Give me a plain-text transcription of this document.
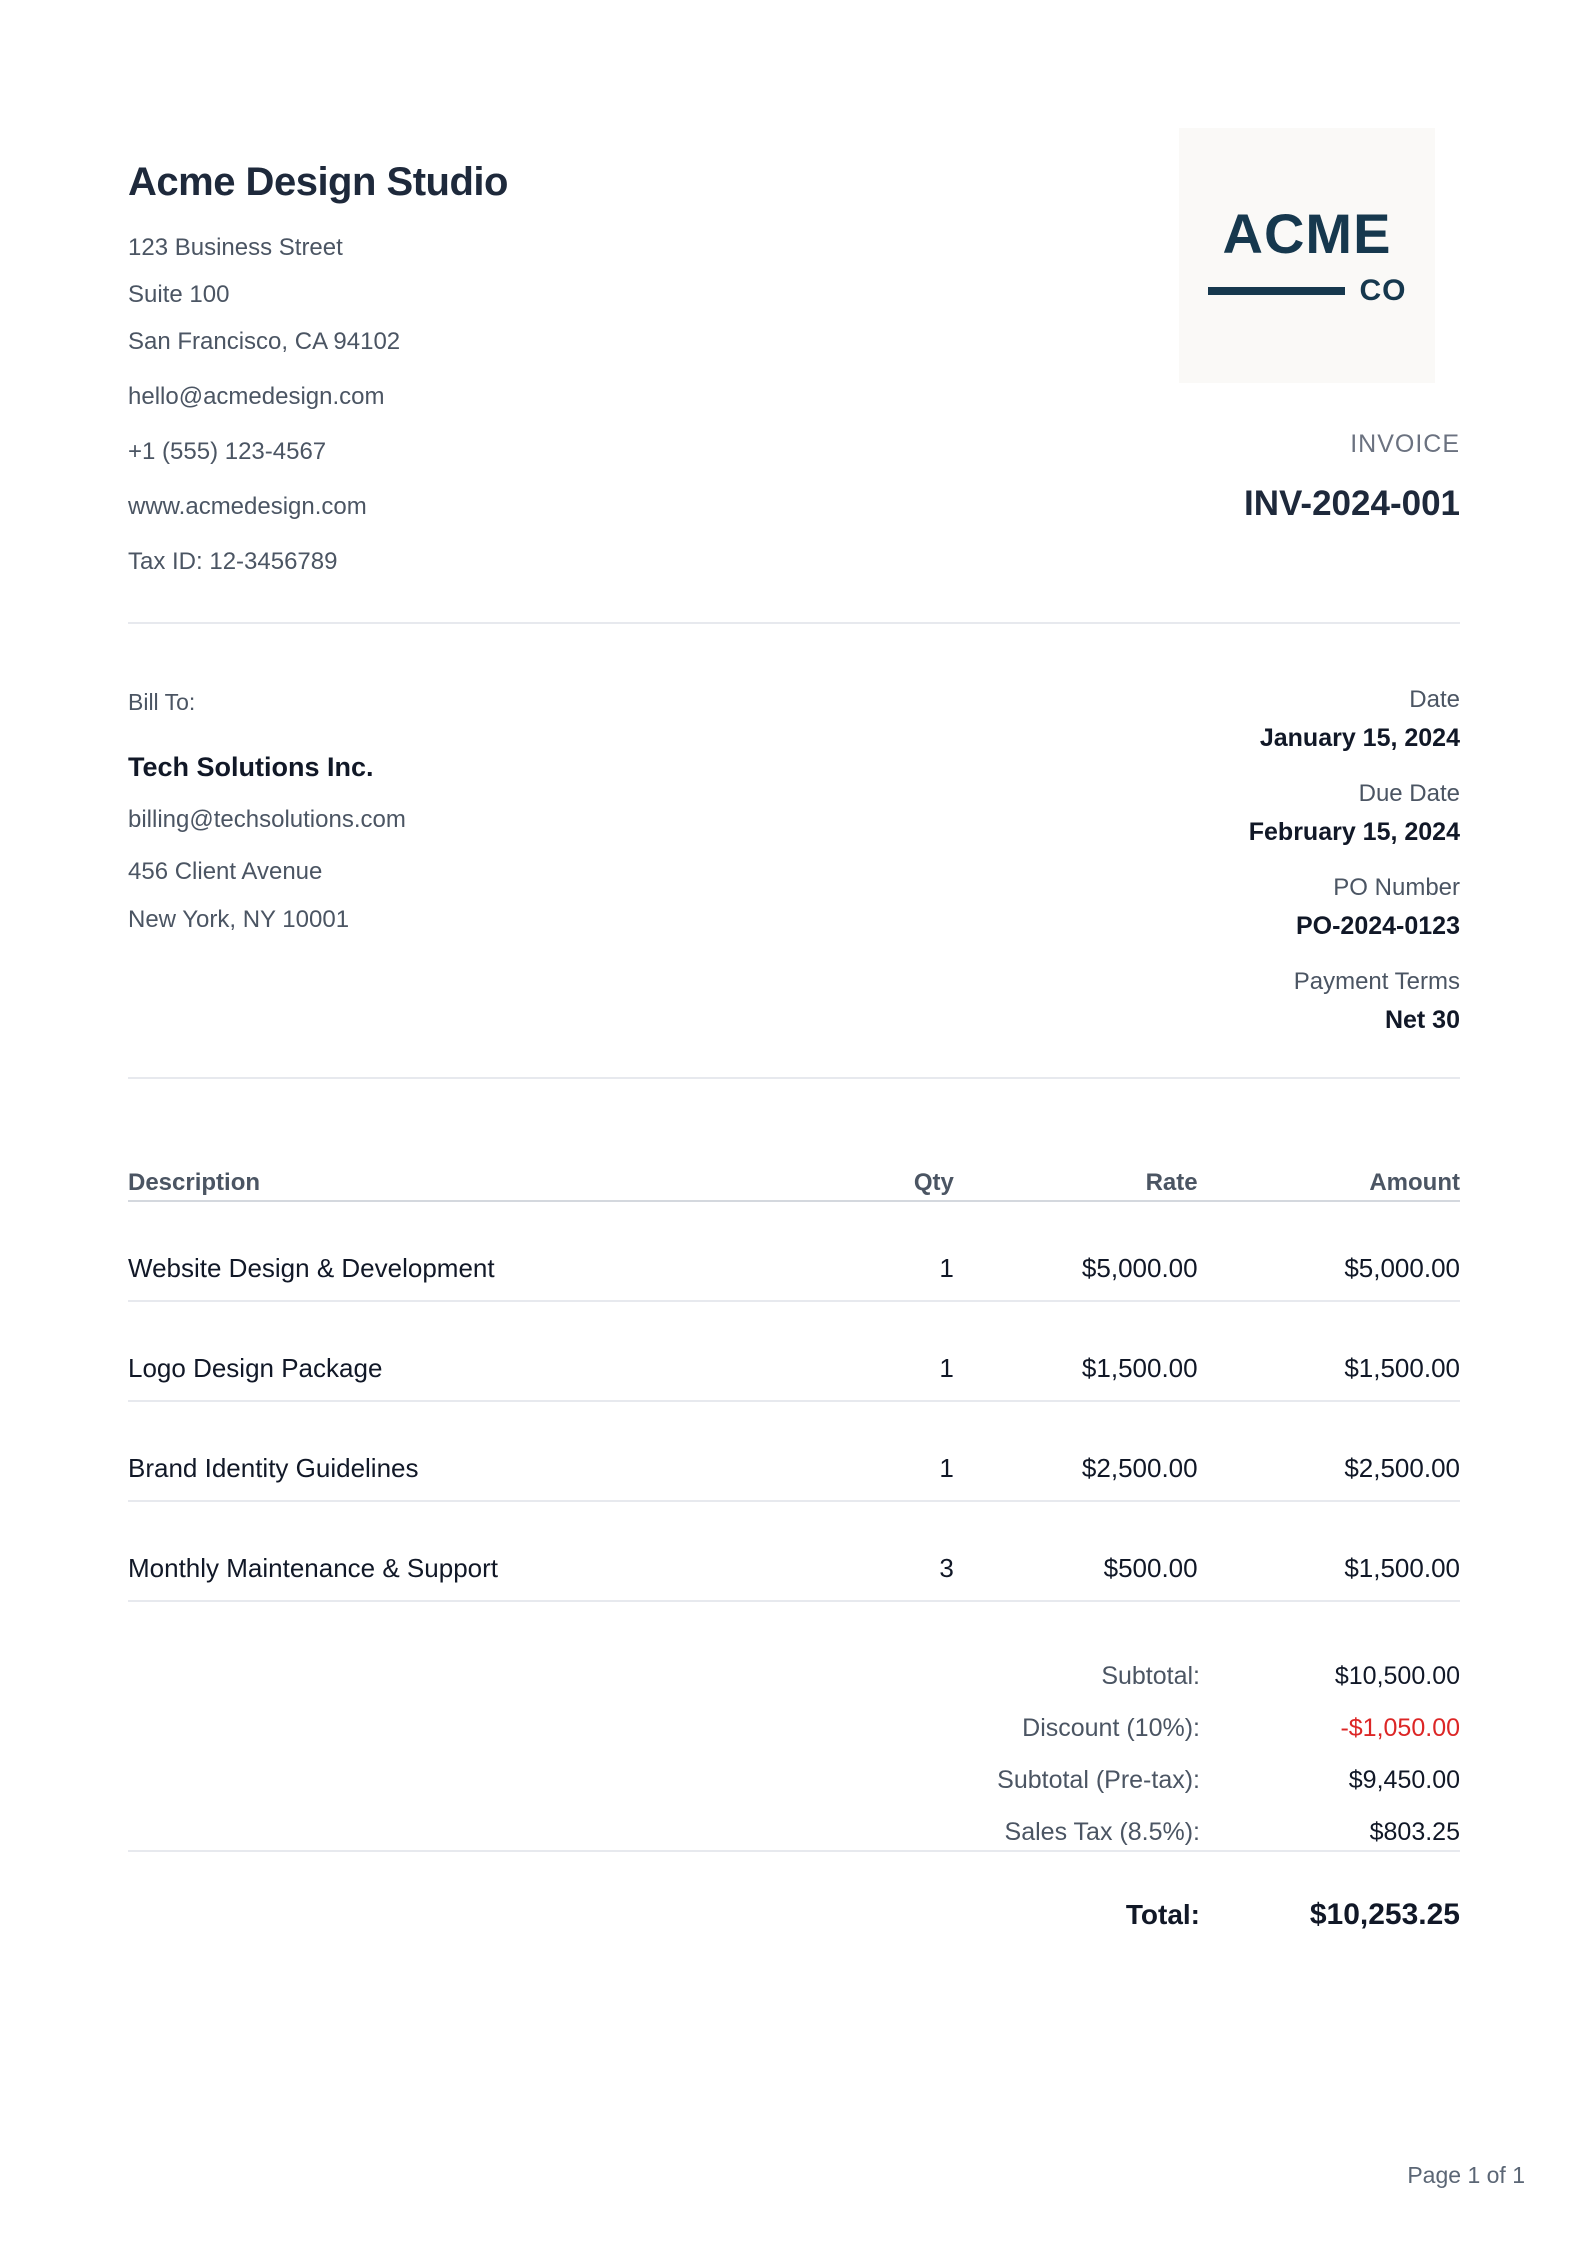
Acme Design Studio
123 Business Street
Suite 100
San Francisco, CA 94102
hello@acmedesign.com
+1 (555) 123-4567
www.acmedesign.com
Tax ID: 12-3456789
ACME
CO
INVOICE
INV-2024-001
Bill To:
Tech Solutions Inc.
billing@techsolutions.com
456 Client Avenue
New York, NY 10001
Date
January 15, 2024
Due Date
February 15, 2024
PO Number
PO-2024-0123
Payment Terms
Net 30
Description	Qty	Rate	Amount
Website Design & Development	1	$5,000.00	$5,000.00
Logo Design Package	1	$1,500.00	$1,500.00
Brand Identity Guidelines	1	$2,500.00	$2,500.00
Monthly Maintenance & Support	3	$500.00	$1,500.00
Subtotal:	$10,500.00
Discount (10%):	-$1,050.00
Subtotal (Pre-tax):	$9,450.00
Sales Tax (8.5%):	$803.25
Total:	$10,253.25
Page 1 of 1
